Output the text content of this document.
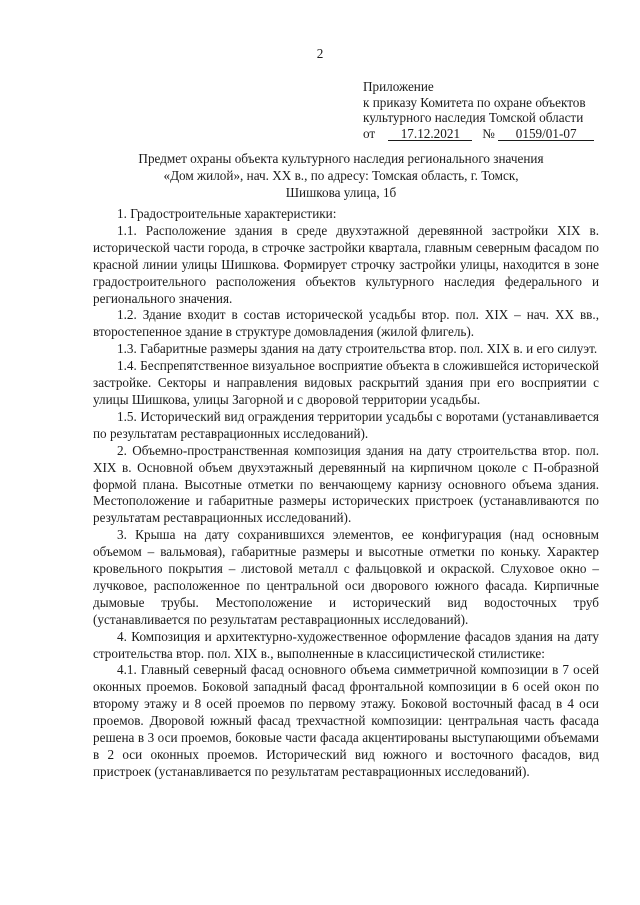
2
Приложение
к приказу Комитета по охране объектов
культурного наследия Томской области
от 17.12.2021 № 0159/01-07
Предмет охраны объекта культурного наследия регионального значения
«Дом жилой», нач. XX в., по адресу: Томская область, г. Томск,
Шишкова улица, 1б

1. Градостроительные характеристики:

1.1. Расположение здания в среде двухэтажной деревянной застройки XIX в. исторической части города, в строчке застройки квартала, главным северным фасадом по красной линии улицы Шишкова. Формирует строчку застройки улицы, находится в зоне градостроительного расположения объектов культурного наследия федерального и регионального значения.

1.2. Здание входит в состав исторической усадьбы втор. пол. XIX – нач. XX вв., второстепенное здание в структуре домовладения (жилой флигель).

1.3. Габаритные размеры здания на дату строительства втор. пол. XIX в. и его силуэт.

1.4. Беспрепятственное визуальное восприятие объекта в сложившейся исторической застройке. Секторы и направления видовых раскрытий здания при его восприятии с улицы Шишкова, улицы Загорной и с дворовой территории усадьбы.

1.5. Исторический вид ограждения территории усадьбы с воротами (устанавливается по результатам реставрационных исследований).

2. Объемно-пространственная композиция здания на дату строительства втор. пол. XIX в. Основной объем двухэтажный деревянный на кирпичном цоколе с П-образной формой плана. Высотные отметки по венчающему карнизу основного объема здания. Местоположение и габаритные размеры исторических пристроек (устанавливаются по результатам реставрационных исследований).

3. Крыша на дату сохранившихся элементов, ее конфигурация (над основным объемом – вальмовая), габаритные размеры и высотные отметки по коньку. Характер кровельного покрытия – листовой металл с фальцовкой и окраской. Слуховое окно – лучковое, расположенное по центральной оси дворового южного фасада. Кирпичные дымовые трубы. Местоположение и исторический вид водосточных труб (устанавливается по результатам реставрационных исследований).

4. Композиция и архитектурно-художественное оформление фасадов здания на дату строительства втор. пол. XIX в., выполненные в классицистической стилистике:

4.1. Главный северный фасад основного объема симметричной композиции в 7 осей оконных проемов. Боковой западный фасад фронтальной композиции в 6 осей окон по второму этажу и 8 осей проемов по первому этажу. Боковой восточный фасад в 4 оси проемов. Дворовой южный фасад трехчастной композиции: центральная часть фасада решена в 3 оси проемов, боковые части фасада акцентированы выступающими объемами в 2 оси оконных проемов. Исторический вид южного и восточного фасадов, вид пристроек (устанавливается по результатам реставрационных исследований).
